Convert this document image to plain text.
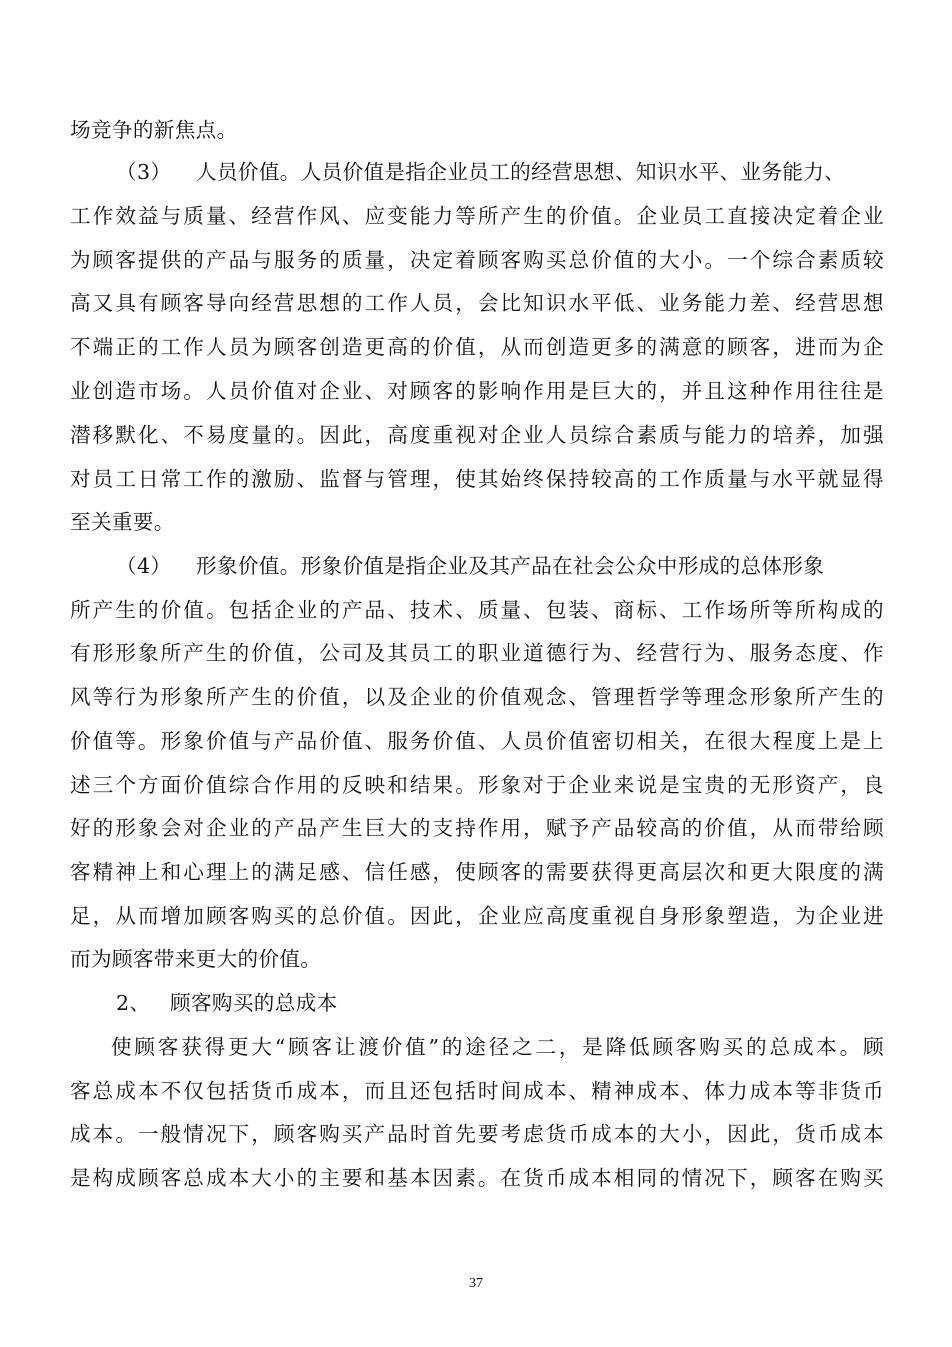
场竞争的新焦点。

（3） 人员价值。人员价值是指企业员工的经营思想、知识水平、业务能力、

工作效益与质量、经营作风、应变能力等所产生的价值。企业员工直接决定着企业

为顾客提供的产品与服务的质量，决定着顾客购买总价值的大小。一个综合素质较

高又具有顾客导向经营思想的工作人员，会比知识水平低、业务能力差、经营思想

不端正的工作人员为顾客创造更高的价值，从而创造更多的满意的顾客，进而为企

业创造市场。人员价值对企业、对顾客的影响作用是巨大的，并且这种作用往往是

潜移默化、不易度量的。因此，高度重视对企业人员综合素质与能力的培养，加强

对员工日常工作的激励、监督与管理，使其始终保持较高的工作质量与水平就显得

至关重要。

（4） 形象价值。形象价值是指企业及其产品在社会公众中形成的总体形象

所产生的价值。包括企业的产品、技术、质量、包装、商标、工作场所等所构成的

有形形象所产生的价值，公司及其员工的职业道德行为、经营行为、服务态度、作

风等行为形象所产生的价值，以及企业的价值观念、管理哲学等理念形象所产生的

价值等。形象价值与产品价值、服务价值、人员价值密切相关，在很大程度上是上

述三个方面价值综合作用的反映和结果。形象对于企业来说是宝贵的无形资产，良

好的形象会对企业的产品产生巨大的支持作用，赋予产品较高的价值，从而带给顾

客精神上和心理上的满足感、信任感，使顾客的需要获得更高层次和更大限度的满

足，从而增加顾客购买的总价值。因此，企业应高度重视自身形象塑造，为企业进

而为顾客带来更大的价值。

2、 顾客购买的总成本

使顾客获得更大“顾客让渡价值”的途径之二，是降低顾客购买的总成本。顾

客总成本不仅包括货币成本，而且还包括时间成本、精神成本、体力成本等非货币

成本。一般情况下，顾客购买产品时首先要考虑货币成本的大小，因此，货币成本

是构成顾客总成本大小的主要和基本因素。在货币成本相同的情况下，顾客在购买

37
